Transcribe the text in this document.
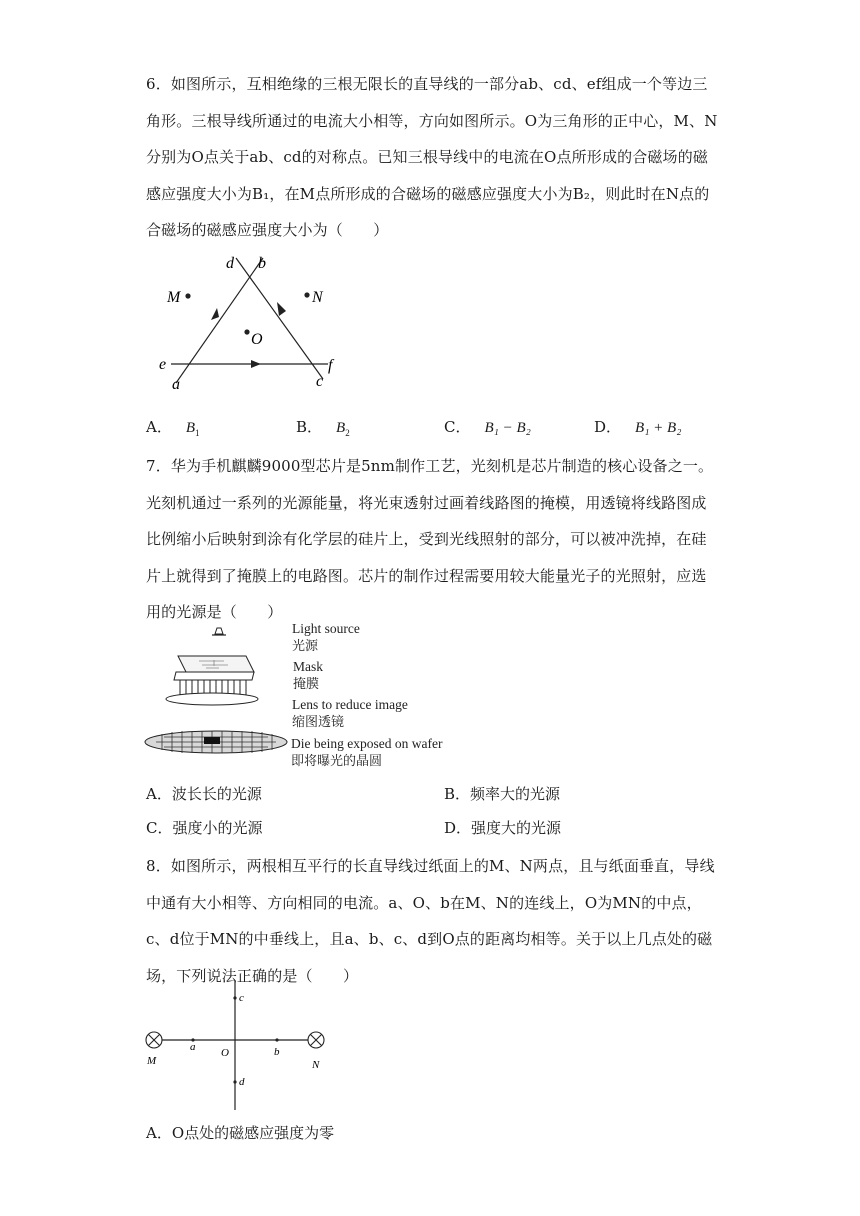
6．如图所示，互相绝缘的三根无限长的直导线的一部分ab、cd、ef组成一个等边三角形。三根导线所通过的电流大小相等，方向如图所示。O为三角形的正中心，M、N分别为O点关于ab、cd的对称点。已知三根导线中的电流在O点所形成的合磁场的磁感应强度大小为B₁，在M点所形成的合磁场的磁感应强度大小为B₂，则此时在N点的合磁场的磁感应强度大小为（　　）
d b
M	N
O
e	f
a	c
A． $B_1$	B． $B_2$	C． B₁ − B₂	D． B₁ + B₂
7．华为手机麒麟9000型芯片是5nm制作工艺，光刻机是芯片制造的核心设备之一。光刻机通过一系列的光源能量，将光束透射过画着线路图的掩模，用透镜将线路图成比例缩小后映射到涂有化学层的硅片上，受到光线照射的部分，可以被冲洗掉，在硅片上就得到了掩膜上的电路图。芯片的制作过程需要用较大能量光子的光照射，应选用的光源是（　　）
Light source
光源
Mask
掩膜
Lens to reduce image
缩图透镜
Die being exposed on wafer
即将曝光的晶圆
A．波长长的光源	B．频率大的光源
C．强度小的光源	D．强度大的光源
8．如图所示，两根相互平行的长直导线过纸面上的M、N两点，且与纸面垂直，导线中通有大小相等、方向相同的电流。a、O、b在M、N的连线上，O为MN的中点，c、d位于MN的中垂线上，且a、b、c、d到O点的距离均相等。关于以上几点处的磁场，下列说法正确的是（　　）
M	N
a O	b
c
d
A．O点处的磁感应强度为零
